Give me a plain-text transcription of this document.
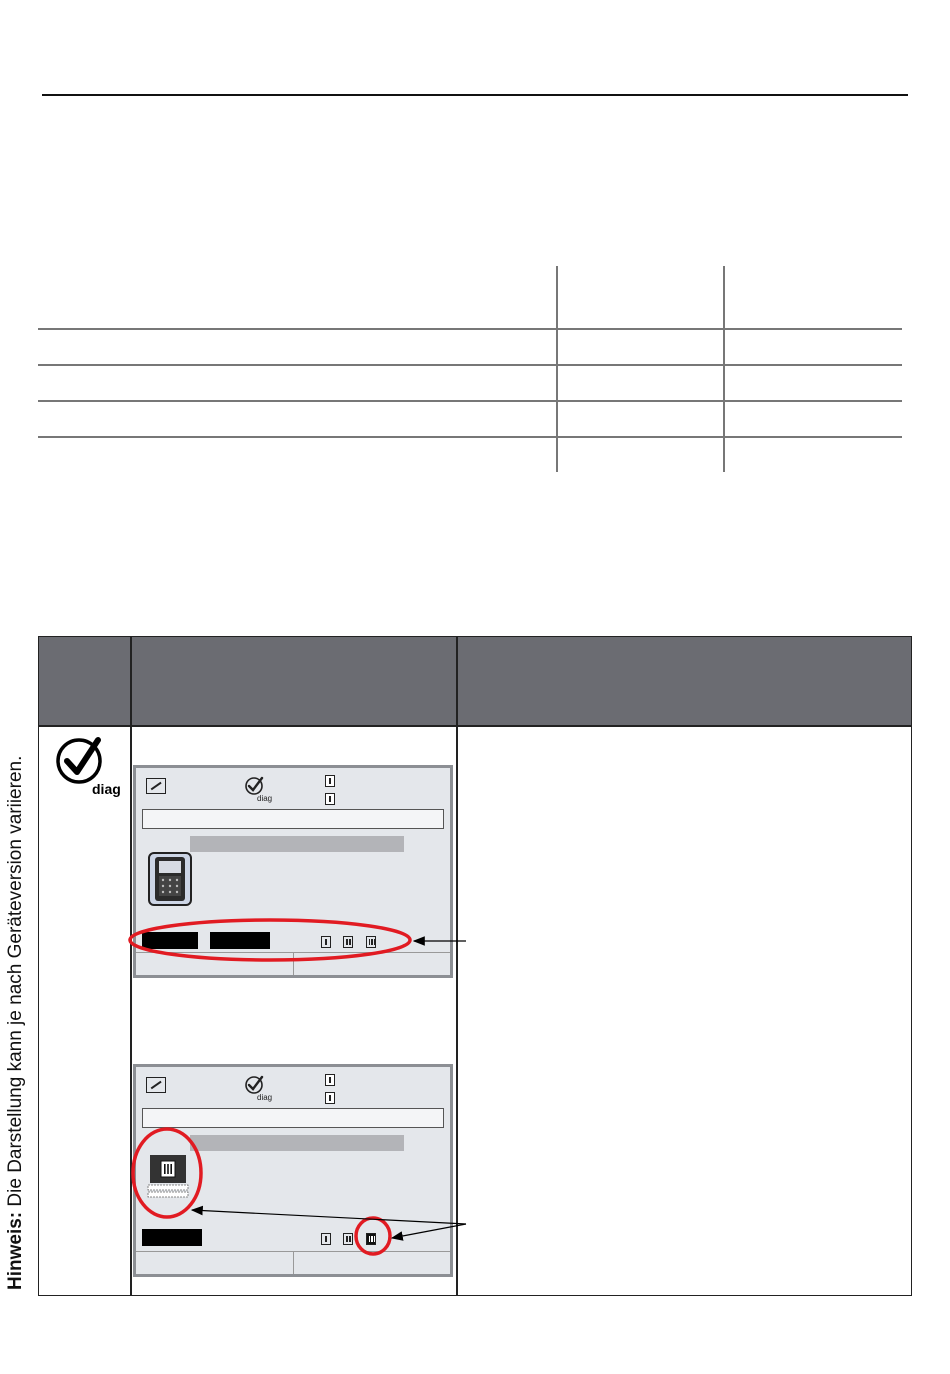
diag
diag
diag
Hinweis: Die Darstellung kann je nach Geräteversion variieren.
